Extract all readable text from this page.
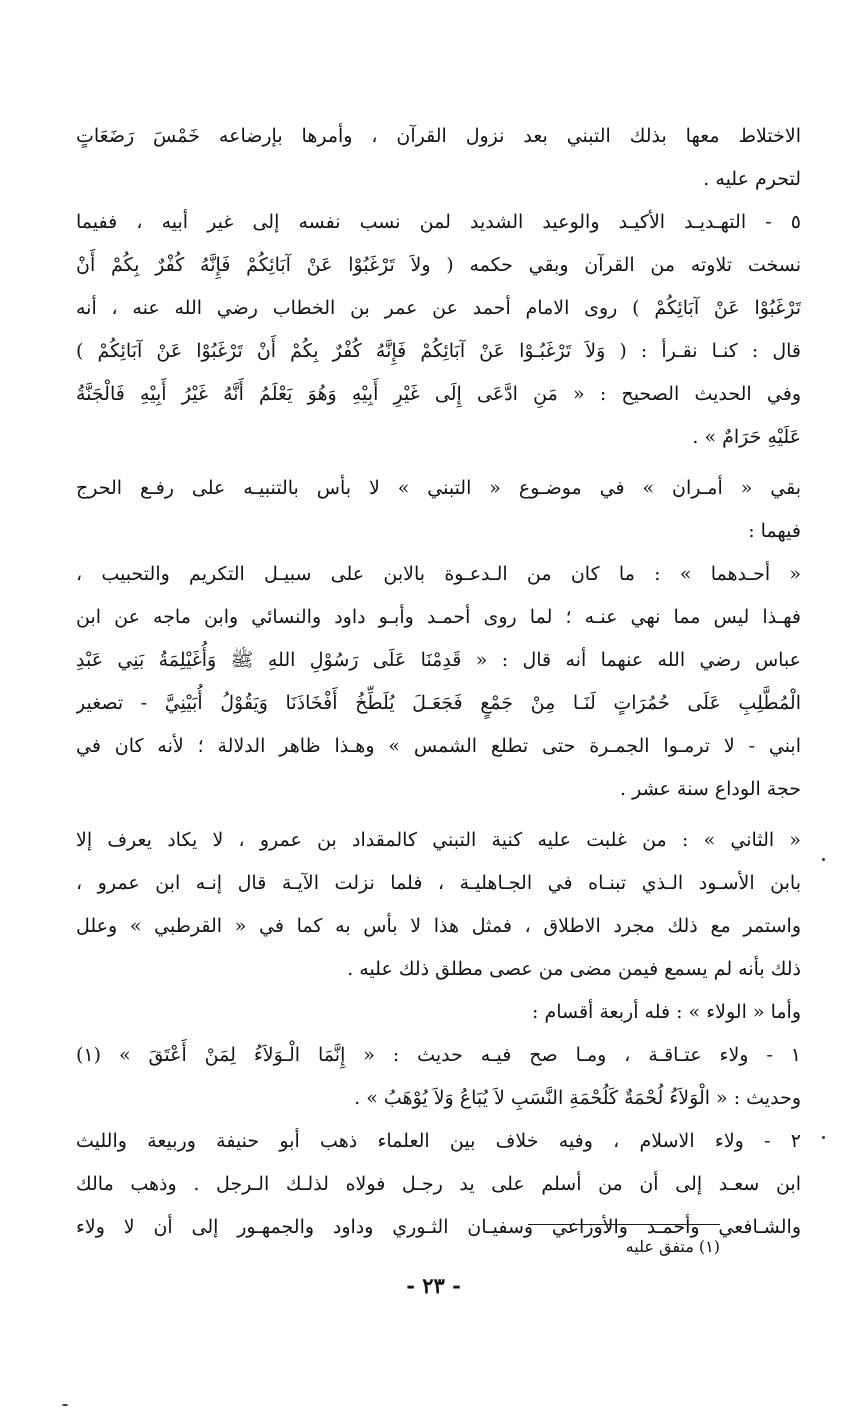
الاختلاط معها بذلك التبني بعد نزول القرآن ، وأمرها بإرضاعه خَمْسَ رَضَعَاتٍ
لتحرم عليه .
٥ - التهـديـد الأكيـد والوعيد الشديد لمن نسب نفسه إلى غير أبيه ، ففيما
نسخت تلاوته من القرآن وبقي حكمه ( ولاَ تَرْغَبُوْا عَنْ آبَائِكُمْ فَإِنَّهُ كُفْرٌ بِكُمْ أَنْ
تَرْغَبُوْا عَنْ آبَائِكُمْ ) روى الامام أحمد عن عمر بن الخطاب رضي الله عنه ، أنه
قال : كنـا نقـرأ : ( وَلاَ تَرْغَبُـوْا عَنْ آبَائِكُمْ فَإِنَّهُ كُفْرٌ بِكُمْ أَنْ تَرْغَبُوْا عَنْ آبَائِكُمْ )
وفي الحديث الصحيح : « مَنِ ادَّعَى إِلَى غَيْرِ أَبِيْهِ وَهُوَ يَعْلَمُ أَنَّهُ غَيْرُ أَبِيْهِ فَالْجَنَّةُ
عَلَيْهِ حَرَامٌ » .
بقي « أمـران » في موضـوع « التبني » لا بأس بالتنبيـه على رفـع الحرج
فيهما :
« أحـدهما » : ما كان من الـدعـوة بالابن على سبيـل التكريم والتحبيب ،
فهـذا ليس مما نهي عنـه ؛ لما روى أحمـد وأبـو داود والنسائي وابن ماجه عن ابن
عباس رضي الله عنهما أنه قال : « قَدِمْنَا عَلَى رَسُوْلِ اللهِ ﷺ وَأُغَيْلِمَةُ بَنِي عَبْدِ
الْمُطَّلِبِ عَلَى حُمُرَاتٍ لَنَـا مِنْ جَمْعٍ فَجَعَـلَ يُلَطِّخُ أَفْخَاذَنَا وَيَقُوْلُ أُبَيْنِيَّ - تصغير
ابني - لا ترمـوا الجمـرة حتى تطلع الشمس » وهـذا ظاهر الدلالة ؛ لأنه كان في
حجة الوداع سنة عشر .
« الثاني » : من غلبت عليه كنية التبني كالمقداد بن عمرو ، لا يكاد يعرف إلا
بابن الأسـود الـذي تبنـاه في الجـاهليـة ، فلما نزلت الآيـة قال إنـه ابن عمرو ،
واستمر مع ذلك مجرد الاطلاق ، فمثل هذا لا بأس به كما في « القرطبي » وعلل
ذلك بأنه لم يسمع فيمن مضى من عصى مطلق ذلك عليه .
وأما « الولاء » : فله أربعة أقسام :
١ - ولاء عتـاقـة ، ومـا صح فيـه حديث : « إِنَّمَا الْـوَلاَءُ لِمَنْ أَعْتَقَ » (١)
وحديث : « الْوَلاَءُ لُحْمَةٌ كَلُحْمَةِ النَّسَبِ لاَ يُبَاعُ وَلاَ يُوْهَبُ » .
٢ - ولاء الاسلام ، وفيه خلاف بين العلماء ذهب أبو حنيفة وربيعة والليث
ابن سعـد إلى أن من أسلم على يد رجـل فولاه لذلـك الـرجل . وذهب مالك
والشـافعي وأحمـد والأوزاعي وسفيـان الثـوري وداود والجمهـور إلى أن لا ولاء
(١) متفق عليه
- ٢٣ -
